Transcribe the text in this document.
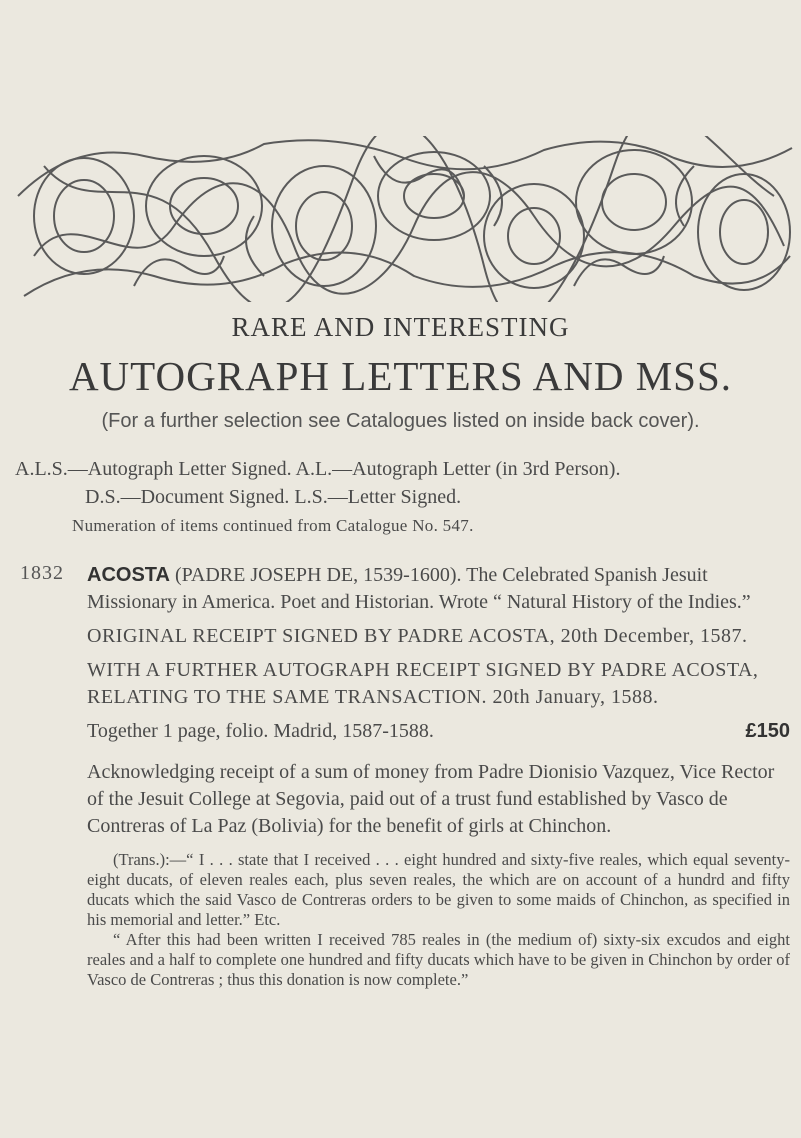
RARE AND INTERESTING
AUTOGRAPH LETTERS AND MSS.
(For a further selection see Catalogues listed on inside back cover).
A.L.S.—Autograph Letter Signed. A.L.—Autograph Letter (in 3rd Person).
D.S.—Document Signed. L.S.—Letter Signed.
Numeration of items continued from Catalogue No. 547.
1832 ACOSTA (PADRE JOSEPH DE, 1539-1600). The Celebrated Spanish Jesuit Missionary in America. Poet and Historian. Wrote “ Natural History of the Indies.”

ORIGINAL RECEIPT SIGNED BY PADRE ACOSTA, 20th December, 1587.

WITH A FURTHER AUTOGRAPH RECEIPT SIGNED BY PADRE ACOSTA, RELATING TO THE SAME TRANSACTION. 20th January, 1588.

Together 1 page, folio. Madrid, 1587-1588.	£150

Acknowledging receipt of a sum of money from Padre Dionisio Vazquez, Vice Rector of the Jesuit College at Segovia, paid out of a trust fund established by Vasco de Contreras of La Paz (Bolivia) for the benefit of girls at Chinchon.

(Trans.):—“ I . . . state that I received . . . eight hundred and sixty-five reales, which equal seventy-eight ducats, of eleven reales each, plus seven reales, the which are on account of a hundrd and fifty ducats which the said Vasco de Contreras orders to be given to some maids of Chinchon, as specified in his memorial and letter.” Etc.
“ After this had been written I received 785 reales in (the medium of) sixty-six excudos and eight reales and a half to complete one hundred and fifty ducats which have to be given in Chinchon by order of Vasco de Contreras ; thus this donation is now complete.”
